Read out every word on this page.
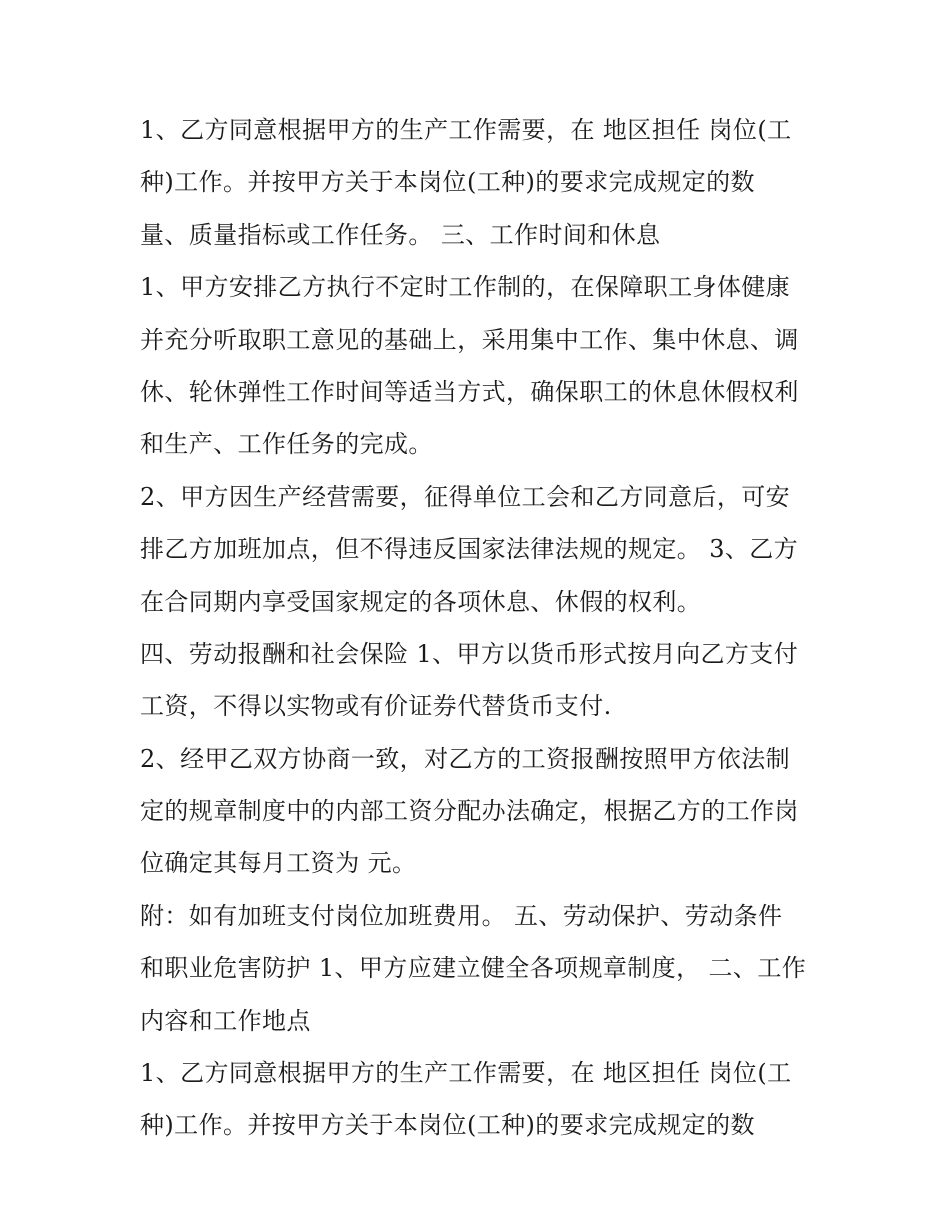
1、乙方同意根据甲方的生产工作需要，在 地区担任 岗位(工
种)工作。并按甲方关于本岗位(工种)的要求完成规定的数
量、质量指标或工作任务。 三、工作时间和休息
1、甲方安排乙方执行不定时工作制的，在保障职工身体健康
并充分听取职工意见的基础上，采用集中工作、集中休息、调
休、轮休弹性工作时间等适当方式，确保职工的休息休假权利
和生产、工作任务的完成。
2、甲方因生产经营需要，征得单位工会和乙方同意后，可安
排乙方加班加点，但不得违反国家法律法规的规定。 3、乙方
在合同期内享受国家规定的各项休息、休假的权利。
四、劳动报酬和社会保险 1、甲方以货币形式按月向乙方支付
工资，不得以实物或有价证券代替货币支付.
2、经甲乙双方协商一致，对乙方的工资报酬按照甲方依法制
定的规章制度中的内部工资分配办法确定，根据乙方的工作岗
位确定其每月工资为 元。
附：如有加班支付岗位加班费用。 五、劳动保护、劳动条件
和职业危害防护 1、甲方应建立健全各项规章制度， 二、工作
内容和工作地点
1、乙方同意根据甲方的生产工作需要，在 地区担任 岗位(工
种)工作。并按甲方关于本岗位(工种)的要求完成规定的数
